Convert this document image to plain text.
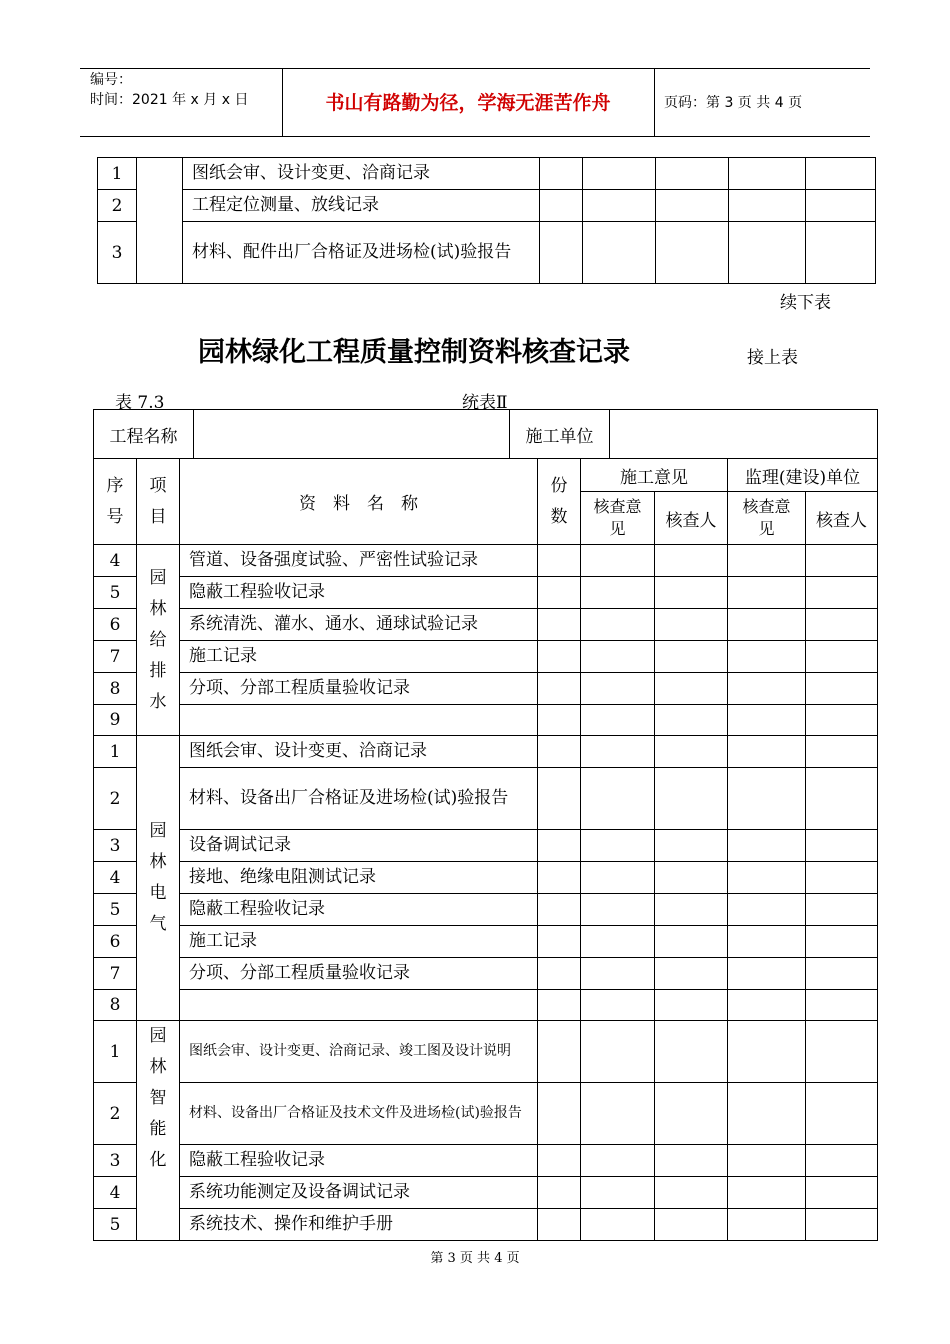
编号：
时间：2021 年 x 月 x 日	书山有路勤为径，学海无涯苦作舟	页码：第 3 页 共 4 页
1		图纸会审、设计变更、洽商记录					
2		工程定位测量、放线记录					
3		材料、配件出厂合格证及进场检(试)验报告					
续下表
园林绿化工程质量控制资料核查记录	接上表
表 7.3	统表Ⅱ
工程名称		施工单位	
序号	项目	资　料　名　称	份数	施工意见		监理(建设)单位	
				核查意见	核查人	核查意见	核查人
4	园林给排水	管道、设备强度试验、严密性试验记录					
5		隐蔽工程验收记录					
6		系统清洗、灌水、通水、通球试验记录					
7		施工记录					
8		分项、分部工程质量验收记录					
9							
1	园林电气	图纸会审、设计变更、洽商记录					
2		材料、设备出厂合格证及进场检(试)验报告					
3		设备调试记录					
4		接地、绝缘电阻测试记录					
5		隐蔽工程验收记录					
6		施工记录					
7		分项、分部工程质量验收记录					
8							
1	园林智能化	图纸会审、设计变更、洽商记录、竣工图及设计说明					
2		材料、设备出厂合格证及技术文件及进场检(试)验报告					
3		隐蔽工程验收记录					
4		系统功能测定及设备调试记录					
5		系统技术、操作和维护手册					
第 3 页 共 4 页
